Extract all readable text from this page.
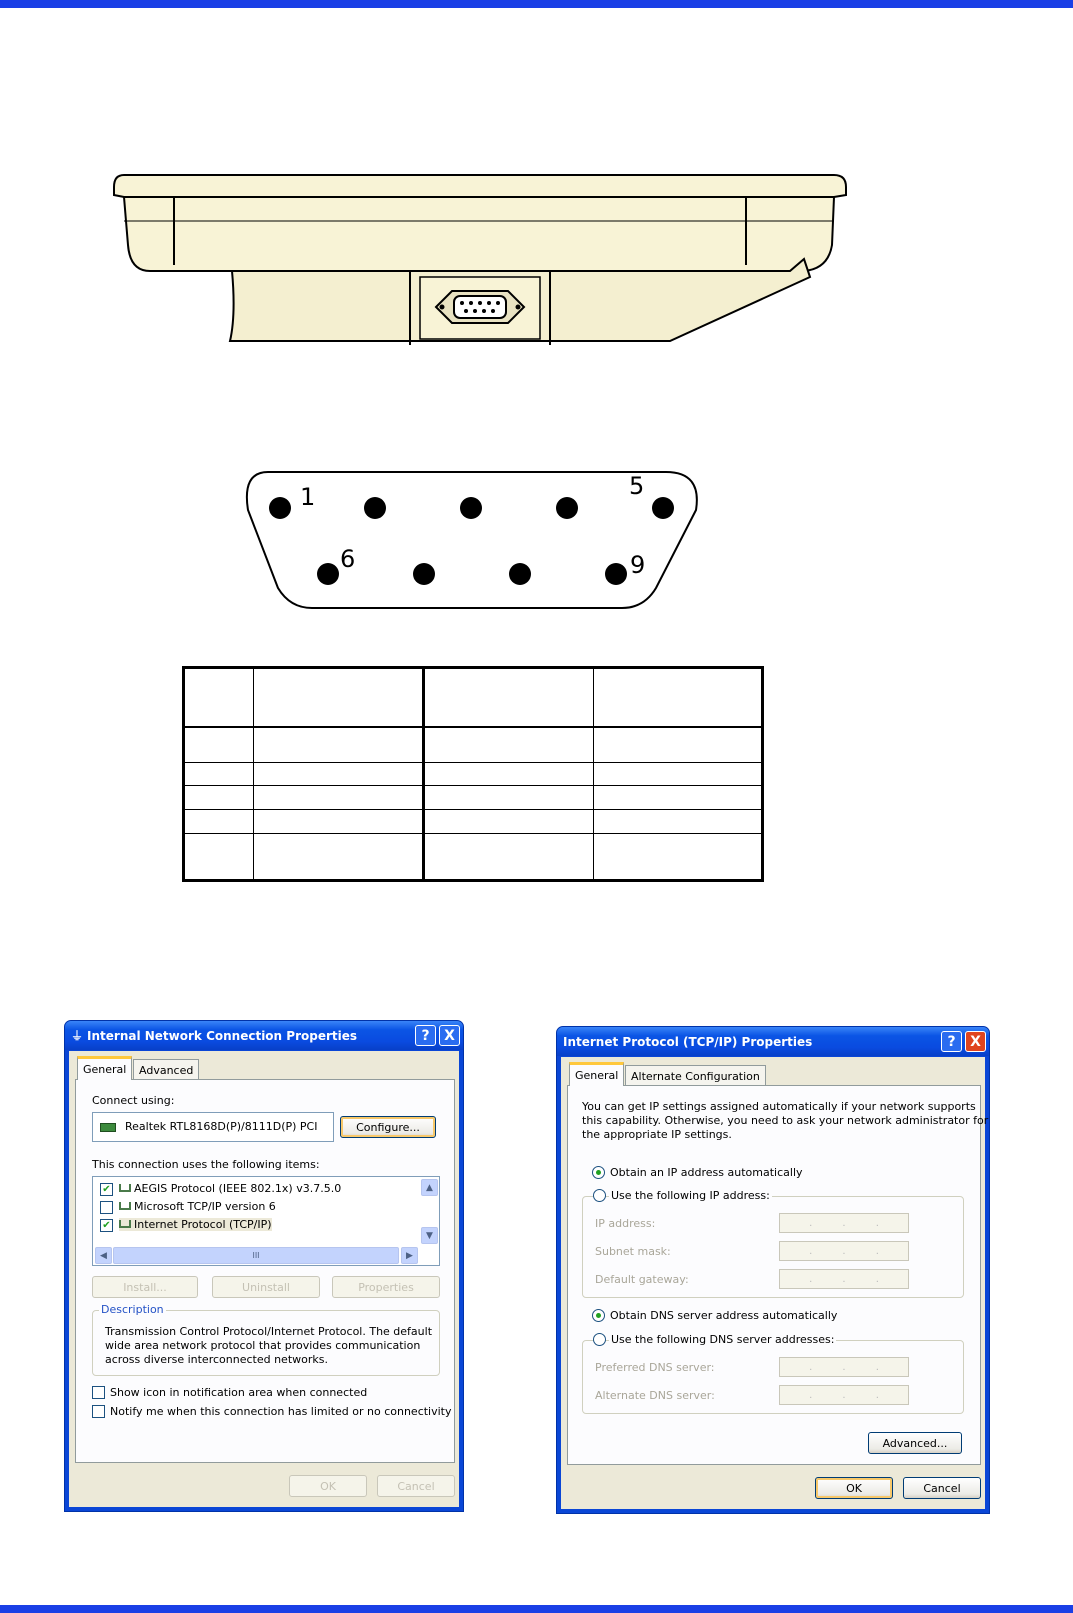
1	5
6	9

⏚ Internal Network Connection Properties	?	X
General	Advanced
Connect using:
Realtek RTL8168D(P)/8111D(P) PCI	Configure...
This connection uses the following items:
✔	AEGIS Protocol (IEEE 802.1x) v3.7.5.0
Microsoft TCP/IP version 6
✔	Internet Protocol (TCP/IP)
▲
▼
◀	▶
III
Install...	Uninstall	Properties
Description
Transmission Control Protocol/Internet Protocol. The default
wide area network protocol that provides communication
across diverse interconnected networks.
Show icon in notification area when connected
Notify me when this connection has limited or no connectivity
OK	Cancel
Internet Protocol (TCP/IP) Properties	?	X
General	Alternate Configuration
You can get IP settings assigned automatically if your network supports
this capability. Otherwise, you need to ask your network administrator for
the appropriate IP settings.
Obtain an IP address automatically
Use the following IP address:
IP address:	.	.	.
Subnet mask:	.	.	.
Default gateway:	.	.	.
Obtain DNS server address automatically
Use the following DNS server addresses:
Preferred DNS server:	.	.	.
Alternate DNS server:	.	.	.
Advanced...
OK	Cancel
